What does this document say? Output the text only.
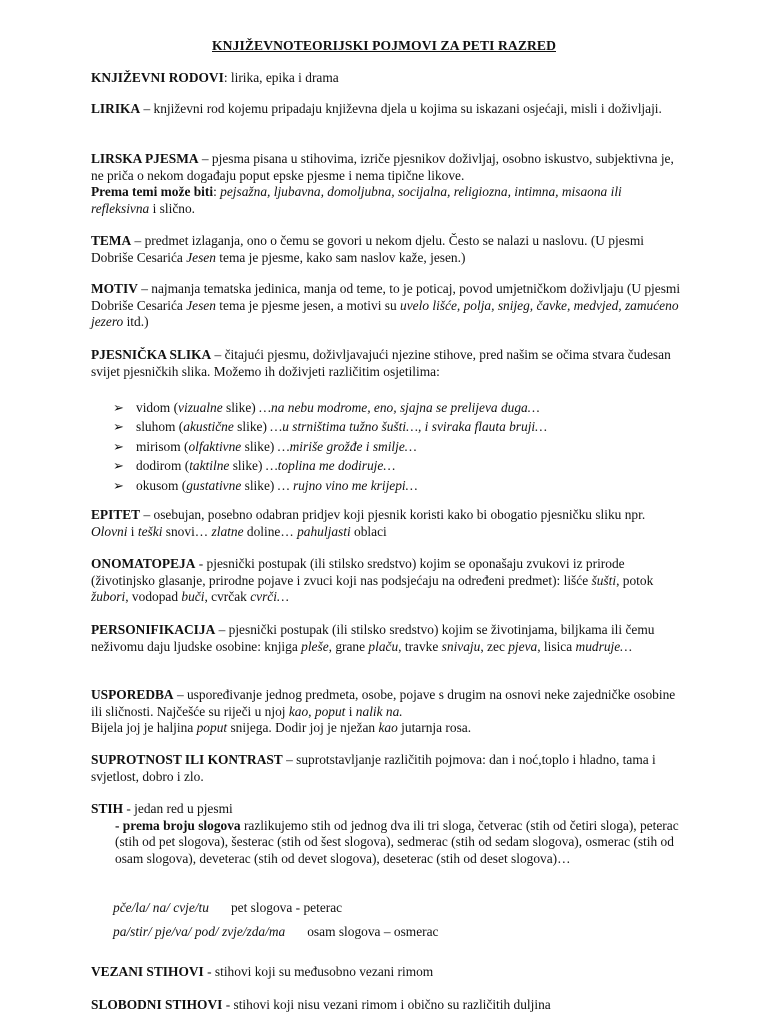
KNJIŽEVNOTEORIJSKI POJMOVI ZA PETI RAZRED
KNJIŽEVNI RODOVI: lirika, epika i drama
LIRIKA – književni rod kojemu pripadaju književna djela u kojima su iskazani osjećaji, misli i doživljaji.
LIRSKA PJESMA – pjesma pisana u stihovima, izriče pjesnikov doživljaj, osobno iskustvo, subjektivna je, ne priča o nekom događaju poput epske pjesme i nema tipične likove.
Prema temi može biti: pejsažna, ljubavna, domoljubna, socijalna, religiozna, intimna, misaona ili refleksivna i slično.
TEMA – predmet izlaganja, ono o čemu se govori u nekom djelu. Često se nalazi u naslovu. (U pjesmi Dobriše Cesarića Jesen tema je pjesme, kako sam naslov kaže, jesen.)
MOTIV – najmanja tematska jedinica, manja od teme, to je poticaj, povod umjetničkom doživljaju (U pjesmi Dobriše Cesarića Jesen tema je pjesme jesen, a motivi su uvelo lišće, polja, snijeg, čavke, medvjed, zamućeno jezero itd.)
PJESNIČKA SLIKA – čitajući pjesmu, doživljavajući njezine stihove, pred našim se očima stvara čudesan svijet pjesničkih slika. Možemo ih doživjeti različitim osjetilima:
➢ vidom (vizualne slike) …na nebu modrome, eno, sjajna se prelijeva duga…
➢ sluhom (akustične slike) …u strništima tužno šušti…, i sviraka flauta bruji…
➢ mirisom (olfaktivne slike) …miriše grožđe i smilje…
➢ dodirom (taktilne slike) …toplina me dodiruje…
➢ okusom (gustativne slike) … rujno vino me krijepi…
EPITET – osebujan, posebno odabran pridjev koji pjesnik koristi kako bi obogatio pjesničku sliku npr. Olovni i teški snovi… zlatne doline… pahuljasti oblaci
ONOMATOPEJA - pjesnički postupak (ili stilsko sredstvo) kojim se oponašaju zvukovi iz prirode (životinjsko glasanje, prirodne pojave i zvuci koji nas podsjećaju na određeni predmet): lišće šušti, potok žubori, vodopad buči, cvrčak cvrči…
PERSONIFIKACIJA – pjesnički postupak (ili stilsko sredstvo) kojim se životinjama, biljkama ili čemu neživomu daju ljudske osobine: knjiga pleše, grane plaču, travke snivaju, zec pjeva, lisica mudruje…
USPOREDBA – uspoređivanje jednog predmeta, osobe, pojave s drugim na osnovi neke zajedničke osobine ili sličnosti. Najčešće su riječi u njoj kao, poput i nalik na.
Bijela joj je haljina poput snijega. Dodir joj je nježan kao jutarnja rosa.
SUPROTNOST ILI KONTRAST – suprotstavljanje različitih pojmova: dan i noć,toplo i hladno, tama i svjetlost, dobro i zlo.
STIH - jedan red u pjesmi
- prema broju slogova razlikujemo stih od jednog dva ili tri sloga, četverac (stih od četiri sloga), peterac (stih od pet slogova), šesterac (stih od šest slogova), sedmerac (stih od sedam slogova), osmerac (stih od osam slogova), deveterac (stih od devet slogova), deseterac (stih od deset slogova)…
pče/la/ na/ cvje/tu pet slogova - peterac
pa/stir/ pje/va/ pod/ zvje/zda/ma osam slogova – osmerac
VEZANI STIHOVI - stihovi koji su međusobno vezani rimom
SLOBODNI STIHOVI - stihovi koji nisu vezani rimom i obično su različitih duljina
